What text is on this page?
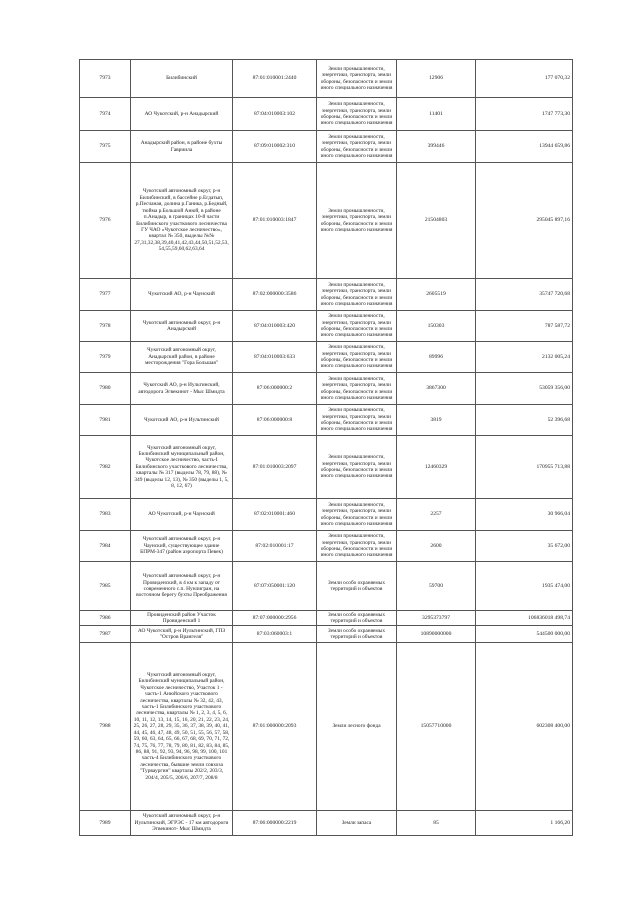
7973	Билибинский	87:01:010001:2440	Земли промышленности, энергетики, транспорта, земли обороны, безопасности и земли иного специального назначения	12906	177 070,32
7974	АО Чукотский, р-н Анадырский	87:04:010003:102	Земли промышленности, энергетики, транспорта, земли обороны, безопасности и земли иного специального назначения	11401	1747 773,30
7975	Анадырский район, в районе бухты Гавриила	87:09:010002:310	Земли промышленности, энергетики, транспорта, земли обороны, безопасности и земли иного специального назначения	399446	13944 659,86
7976	Чукотский автономный округ, р-н Билибинский, в бассейне р.Егдатып, р.Песчаная, долина р.Ганика, р.Бедный, тюйма р.Большой Анюй, в районе п.Анадыр, в границах 10-й части Билибинского участкового лесничества ГУ ЧАО «Чукотское лесничество», квартал № 350, выделы №№ 27,31,32,38,39,40,41,42,43,44,50,51,52,53, 54,55,59,60,62,63,64	87:01:010003:1847	Земли промышленности, энергетики, транспорта, земли обороны, безопасности и земли иного специального назначения	21504803	295045 897,16
7977	Чукотский АО, р-н Чаунский	87:02:000000:3586	Земли промышленности, энергетики, транспорта, земли обороны, безопасности и земли иного специального назначения	2605519	35747 720,68
7978	Чукотский автономный округ, р-н Анадырский	87:04:010003:420	Земли промышленности, энергетики, транспорта, земли обороны, безопасности и земли иного специального назначения	150303	787 587,72
7979	Чукотский автономный округ, Анадырский район, в районе месторождения "Гора Большая"	87:04:010003:633	Земли промышленности, энергетики, транспорта, земли обороны, безопасности и земли иного специального назначения	89996	2132 005,24
7980	Чукотский АО, р-н Иультинский, автодорога Эгвекинот - Мыс Шмидта	87:06:000000:2	Земли промышленности, энергетики, транспорта, земли обороны, безопасности и земли иного специального назначения	3867300	53059 356,00
7981	Чукотский АО, р-н Иультинский	87:06:000000:8	Земли промышленности, энергетики, транспорта, земли обороны, безопасности и земли иного специального назначения	3819	52 396,68
7982	Чукотский автономный округ, Билибинский муниципальный район, Чукотское лесничество, часть-I Билибинского участкового лесничества, кварталы № 317 (выделы 78, 79, 88), № 349 (выделы 12, 13), № 350 (выделы 1, 5, 8, 12, 67)	87:01:010003:2097	Земли промышленности, энергетики, транспорта, земли обороны, безопасности и земли иного специального назначения	12460329	170955 713,88
7983	АО Чукотский, р-н Чаунский	87:02:010001:460	Земли промышленности, энергетики, транспорта, земли обороны, безопасности и земли иного специального назначения	2257	30 966,04
7984	Чукотский автономный округ, р-н Чаунский, существующее здание БПРМ-347 (район аэропорта Певек)	87:02:010001:17	Земли промышленности, энергетики, транспорта, земли обороны, безопасности и земли иного специального назначения	2600	35 672,00
7985	Чукотский автономный округ, р-н Провиденский, в 4 км к западу от современного с.п. Нунлигран, на восточном берегу бухты Преображения	87:07:050001:120	Земли особо охраняемых территорий и объектов	59700	1935 474,00
7986	Провиденский район Участок Провиденский 1	87:07:000000:2956	Земли особо охраняемых территорий и объектов	3295373797	106836018 498,74
7987	АО Чукотский, р-н Иультинский, ГПЗ "Остров Врангеля"	87:03:060003:1	Земли особо охраняемых территорий и объектов	10890000000	544500 000,00
7988	Чукотский автономный округ, Билибинский муниципальный район, Чукотское лесничество, Участок 1 - часть-1 Анюйского участкового лесничества, кварталы № 32, 42, 43, часть-1 Билибинского участкового лесничества, кварталы № 1, 2, 3, 4, 5, 6, 10, 11, 12, 13, 14, 15, 16, 20, 21, 22, 23, 24, 25, 26, 27, 28, 29, 35, 36, 37, 38, 39, 40, 41, 44, 45, 46, 47, 48, 49, 50, 51, 55, 56, 57, 58, 59, 60, 63, 64, 65, 66, 67, 68, 69, 70, 71, 72, 74, 75, 76, 77, 78, 79, 80, 81, 82, 83, 84, 85, 86, 88, 91, 92, 93, 94, 96, 98, 99, 100, 101 часть-4 Билибинского участкового лесничества, бывшие земли совхоза "Турваургин" кварталы 202/2, 203/3, 204/4, 205/5, 206/6, 207/7, 208/8	87:01:000000:2093	Земли лесного фонда	15057710000	602308 400,00
7989	Чукотский автономный округ, р-н Иультинский, ЭГРЭС - 17 км автодороги Эгвекинот- Мыс Шмидта	87:06:000000:2219	Земли запаса	85	1 166,20
